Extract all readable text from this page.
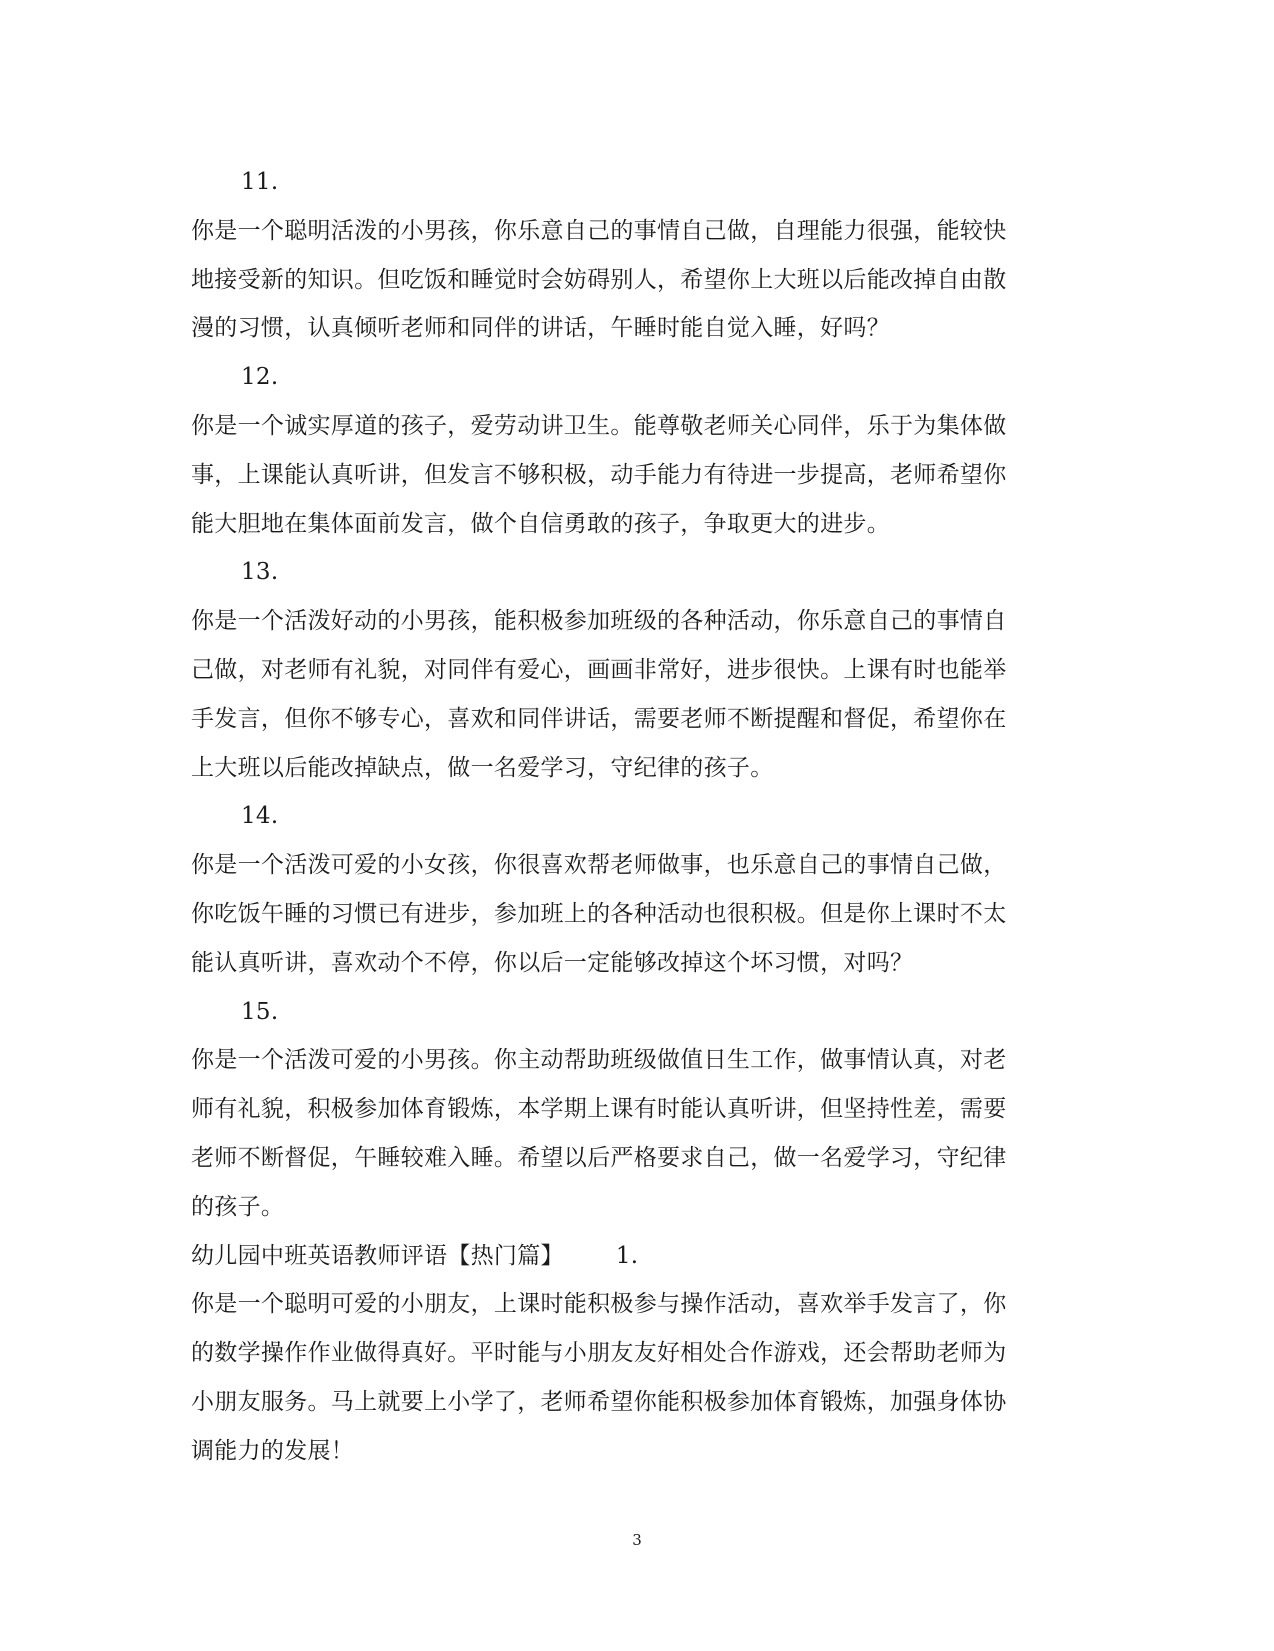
11.
你是一个聪明活泼的小男孩，你乐意自己的事情自己做，自理能力很强，能较快
地接受新的知识。但吃饭和睡觉时会妨碍别人，希望你上大班以后能改掉自由散
漫的习惯，认真倾听老师和同伴的讲话，午睡时能自觉入睡，好吗？
12.
你是一个诚实厚道的孩子，爱劳动讲卫生。能尊敬老师关心同伴，乐于为集体做
事，上课能认真听讲，但发言不够积极，动手能力有待进一步提高，老师希望你
能大胆地在集体面前发言，做个自信勇敢的孩子，争取更大的进步。
13.
你是一个活泼好动的小男孩，能积极参加班级的各种活动，你乐意自己的事情自
己做，对老师有礼貌，对同伴有爱心，画画非常好，进步很快。上课有时也能举
手发言，但你不够专心，喜欢和同伴讲话，需要老师不断提醒和督促，希望你在
上大班以后能改掉缺点，做一名爱学习，守纪律的孩子。
14.
你是一个活泼可爱的小女孩，你很喜欢帮老师做事，也乐意自己的事情自己做，
你吃饭午睡的习惯已有进步，参加班上的各种活动也很积极。但是你上课时不太
能认真听讲，喜欢动个不停，你以后一定能够改掉这个坏习惯，对吗？
15.
你是一个活泼可爱的小男孩。你主动帮助班级做值日生工作，做事情认真，对老
师有礼貌，积极参加体育锻炼，本学期上课有时能认真听讲，但坚持性差，需要
老师不断督促，午睡较难入睡。希望以后严格要求自己，做一名爱学习，守纪律
的孩子。
幼儿园中班英语教师评语【热门篇】 1.
你是一个聪明可爱的小朋友，上课时能积极参与操作活动，喜欢举手发言了，你
的数学操作作业做得真好。平时能与小朋友友好相处合作游戏，还会帮助老师为
小朋友服务。马上就要上小学了，老师希望你能积极参加体育锻炼，加强身体协
调能力的发展！
3
